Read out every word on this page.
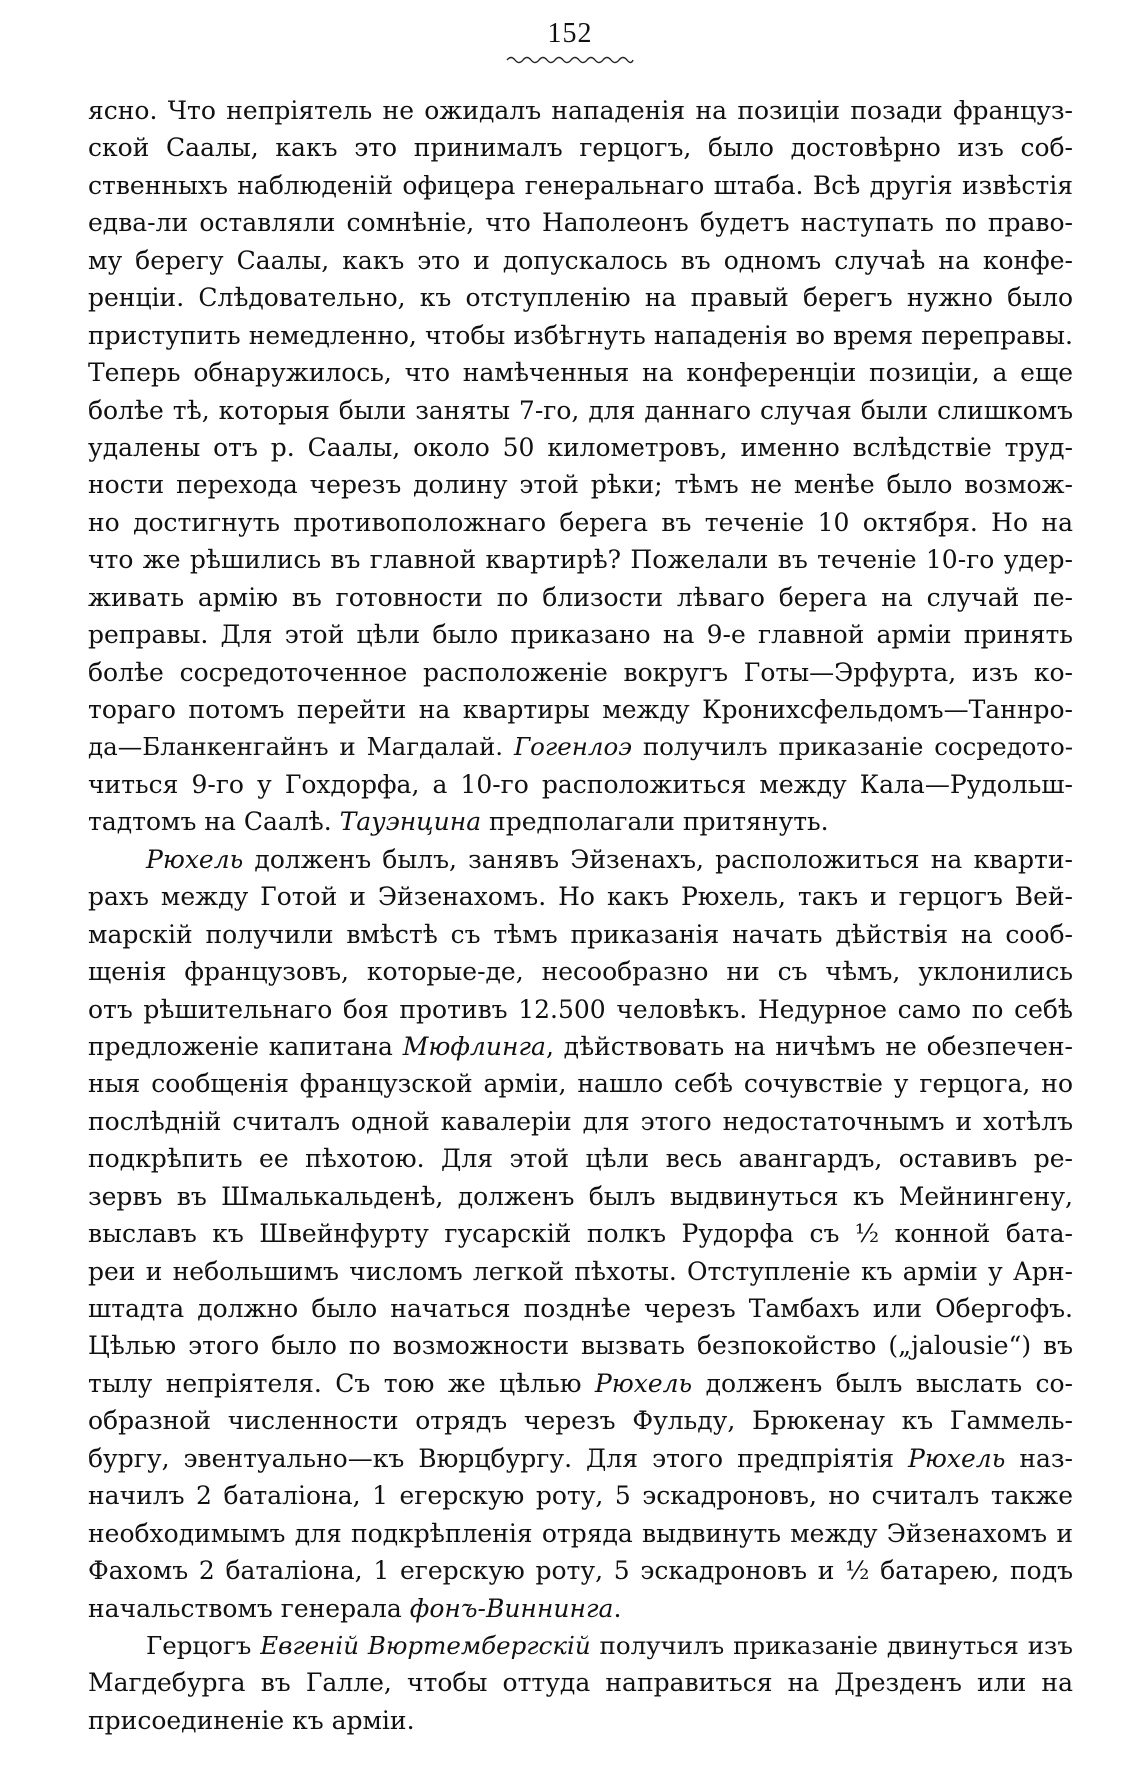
152
ясно. Что непріятель не ожидалъ нападенія на позиціи позади француз-
ской Саалы, какъ это принималъ герцогъ, было достовѣрно изъ соб-
ственныхъ наблюденій офицера генеральнаго штаба. Всѣ другія извѣстія
едва-ли оставляли сомнѣніе, что Наполеонъ будетъ наступать по право-
му берегу Саалы, какъ это и допускалось въ одномъ случаѣ на конфе-
ренціи. Слѣдовательно, къ отступленію на правый берегъ нужно было
приступить немедленно, чтобы избѣгнуть нападенія во время переправы.
Теперь обнаружилось, что намѣченныя на конференціи позиціи, а еще
болѣе тѣ, которыя были заняты 7-го, для даннаго случая были слишкомъ
удалены отъ р. Саалы, около 50 километровъ, именно вслѣдствіе труд-
ности перехода черезъ долину этой рѣки; тѣмъ не менѣе было возмож-
но достигнуть противоположнаго берега въ теченіе 10 октября. Но на
что же рѣшились въ главной квартирѣ? Пожелали въ теченіе 10-го удер-
живать армію въ готовности по близости лѣваго берега на случай пе-
реправы. Для этой цѣли было приказано на 9-е главной арміи принять
болѣе сосредоточенное расположеніе вокругъ Готы—Эрфурта, изъ ко-
тораго потомъ перейти на квартиры между Кронихсфельдомъ—Таннро-
да—Бланкенгайнъ и Магдалай. Гогенлоэ получилъ приказаніе сосредото-
читься 9-го у Гохдорфа, а 10-го расположиться между Кала—Рудольш-
тадтомъ на Саалѣ. Тауэнцина предполагали притянуть.
Рюхель долженъ былъ, занявъ Эйзенахъ, расположиться на кварти-
рахъ между Готой и Эйзенахомъ. Но какъ Рюхель, такъ и герцогъ Вей-
марскій получили вмѣстѣ съ тѣмъ приказанія начать дѣйствія на сооб-
щенія французовъ, которые-де, несообразно ни съ чѣмъ, уклонились
отъ рѣшительнаго боя противъ 12.500 человѣкъ. Недурное само по себѣ
предложеніе капитана Мюфлинга, дѣйствовать на ничѣмъ не обезпечен-
ныя сообщенія французской арміи, нашло себѣ сочувствіе у герцога, но
послѣдній считалъ одной кавалеріи для этого недостаточнымъ и хотѣлъ
подкрѣпить ее пѣхотою. Для этой цѣли весь авангардъ, оставивъ ре-
зервъ въ Шмалькальденѣ, долженъ былъ выдвинуться къ Мейнингену,
выславъ къ Швейнфурту гусарскій полкъ Рудорфа съ ½ конной бата-
реи и небольшимъ числомъ легкой пѣхоты. Отступленіе къ арміи у Арн-
штадта должно было начаться позднѣе черезъ Тамбахъ или Обергофъ.
Цѣлью этого было по возможности вызвать безпокойство („jalousie“) въ
тылу непріятеля. Съ тою же цѣлью Рюхель долженъ былъ выслать со-
образной численности отрядъ черезъ Фульду, Брюкенау къ Гаммель-
бургу, эвентуально—къ Вюрцбургу. Для этого предпріятія Рюхель наз-
начилъ 2 баталіона, 1 егерскую роту, 5 эскадроновъ, но считалъ также
необходимымъ для подкрѣпленія отряда выдвинуть между Эйзенахомъ и
Фахомъ 2 баталіона, 1 егерскую роту, 5 эскадроновъ и ½ батарею, подъ
начальствомъ генерала фонъ-Виннинга.
Герцогъ Евгеній Вюртембергскій получилъ приказаніе двинуться изъ
Магдебурга въ Галле, чтобы оттуда направиться на Дрезденъ или на
присоединеніе къ арміи.
